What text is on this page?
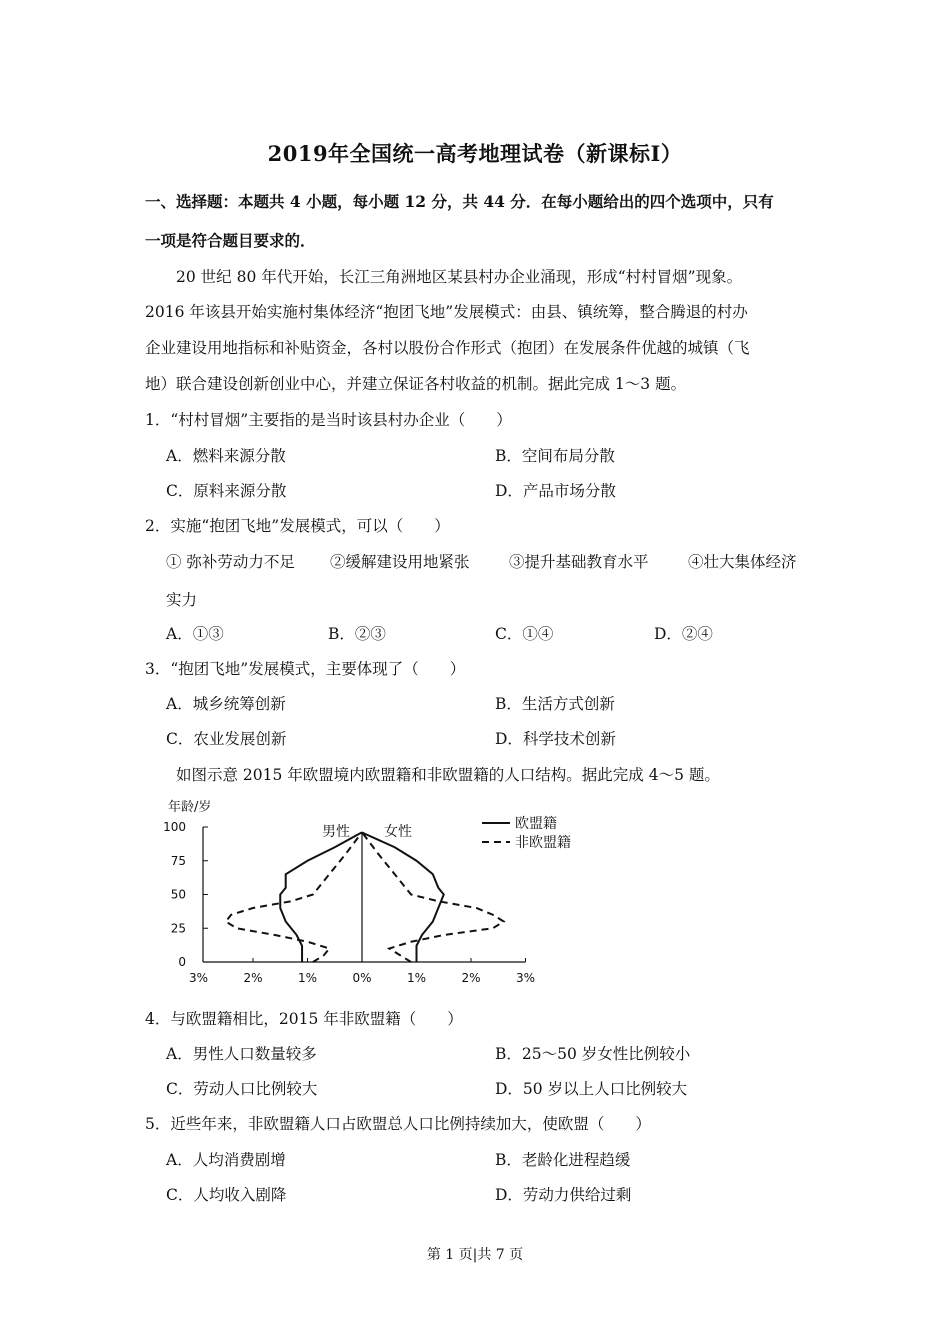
2019年全国统一高考地理试卷（新课标Ⅰ）
一、选择题：本题共 4 小题，每小题 12 分，共 44 分．在每小题给出的四个选项中，只有
一项是符合题目要求的．
20 世纪 80 年代开始，长江三角洲地区某县村办企业涌现，形成“村村冒烟”现象。
2016 年该县开始实施村集体经济“抱团飞地”发展模式：由县、镇统筹，整合腾退的村办
企业建设用地指标和补贴资金，各村以股份合作形式（抱团）在发展条件优越的城镇（飞
地）联合建设创新创业中心，并建立保证各村收益的机制。据此完成 1～3 题。
1．“村村冒烟”主要指的是当时该县村办企业（　　）
A．燃料来源分散	B．空间布局分散
C．原料来源分散	D．产品市场分散
2．实施“抱团飞地”发展模式，可以（　　）
① 弥补劳动力不足 ②缓解建设用地紧张	③提升基础教育水平	④壮大集体经济
实力
A．①③	B．②③	C．①④	D．②④
3．“抱团飞地”发展模式，主要体现了（　　）
A．城乡统筹创新	B．生活方式创新
C．农业发展创新	D．科学技术创新
如图示意 2015 年欧盟境内欧盟籍和非欧盟籍的人口结构。据此完成 4～5 题。
0
25
50
75
100
3%	2%	1%	0%	1%	2%	3%
年龄/岁
男性 女性	欧盟籍
非欧盟籍
4．与欧盟籍相比，2015 年非欧盟籍（　　）
A．男性人口数量较多	B．25～50 岁女性比例较小
C．劳动人口比例较大	D．50 岁以上人口比例较大
5．近些年来，非欧盟籍人口占欧盟总人口比例持续加大，使欧盟（　　）
A．人均消费剧增	B．老龄化进程趋缓
C．人均收入剧降	D．劳动力供给过剩
第 1 页|共 7 页
